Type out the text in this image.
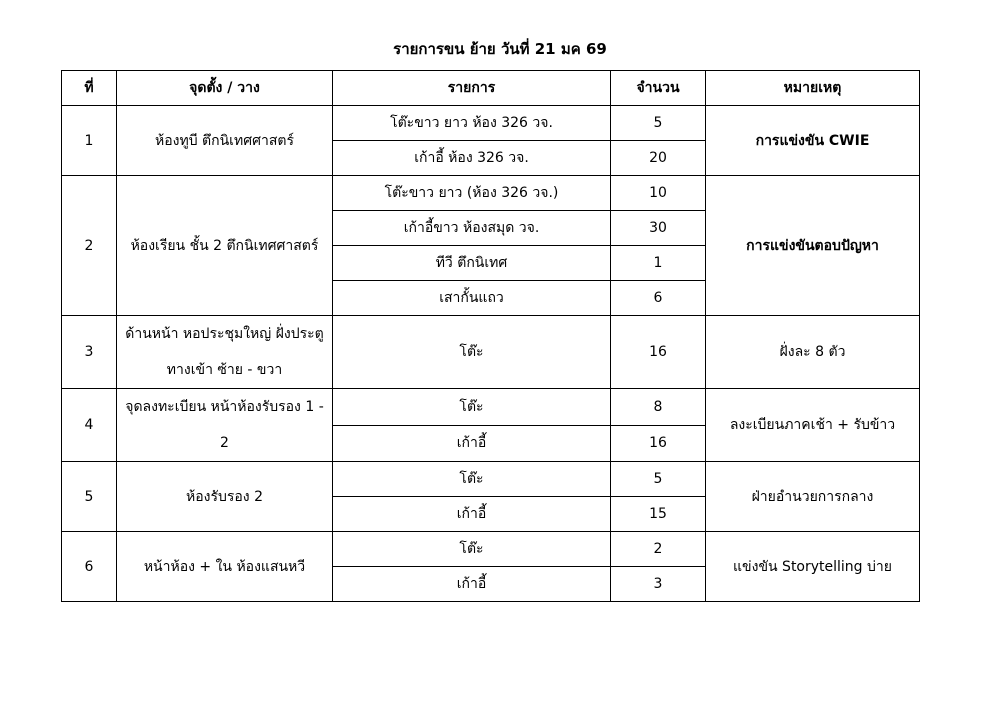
รายการขน ย้าย วันที่ 21 มค 69
ที่	จุดตั้ง / วาง	รายการ	จำนวน	หมายเหตุ
1	ห้องทูบี ตึกนิเทศศาสตร์	โต๊ะขาว ยาว ห้อง 326 วจ.	5	การแข่งขัน CWIE
		เก้าอี้ ห้อง 326 วจ.	20	
2	ห้องเรียน ชั้น 2 ตึกนิเทศศาสตร์	โต๊ะขาว ยาว (ห้อง 326 วจ.)	10	การแข่งขันตอบปัญหา
		เก้าอี้ขาว ห้องสมุด วจ.	30	
		ทีวี ตึกนิเทศ	1	
		เสากั้นแถว	6	
3	ด้านหน้า หอประชุมใหญ่ ฝั่งประตูทางเข้า ซ้าย - ขวา	โต๊ะ	16	ฝั่งละ 8 ตัว
4	จุดลงทะเบียน หน้าห้องรับรอง 1 - 2	โต๊ะ	8	ลงะเบียนภาคเช้า + รับข้าว
		เก้าอี้	16	
5	ห้องรับรอง 2	โต๊ะ	5	ฝ่ายอำนวยการกลาง
		เก้าอี้	15	
6	หน้าห้อง + ใน ห้องแสนหวี	โต๊ะ	2	แข่งขัน Storytelling บ่าย
		เก้าอี้	3	
